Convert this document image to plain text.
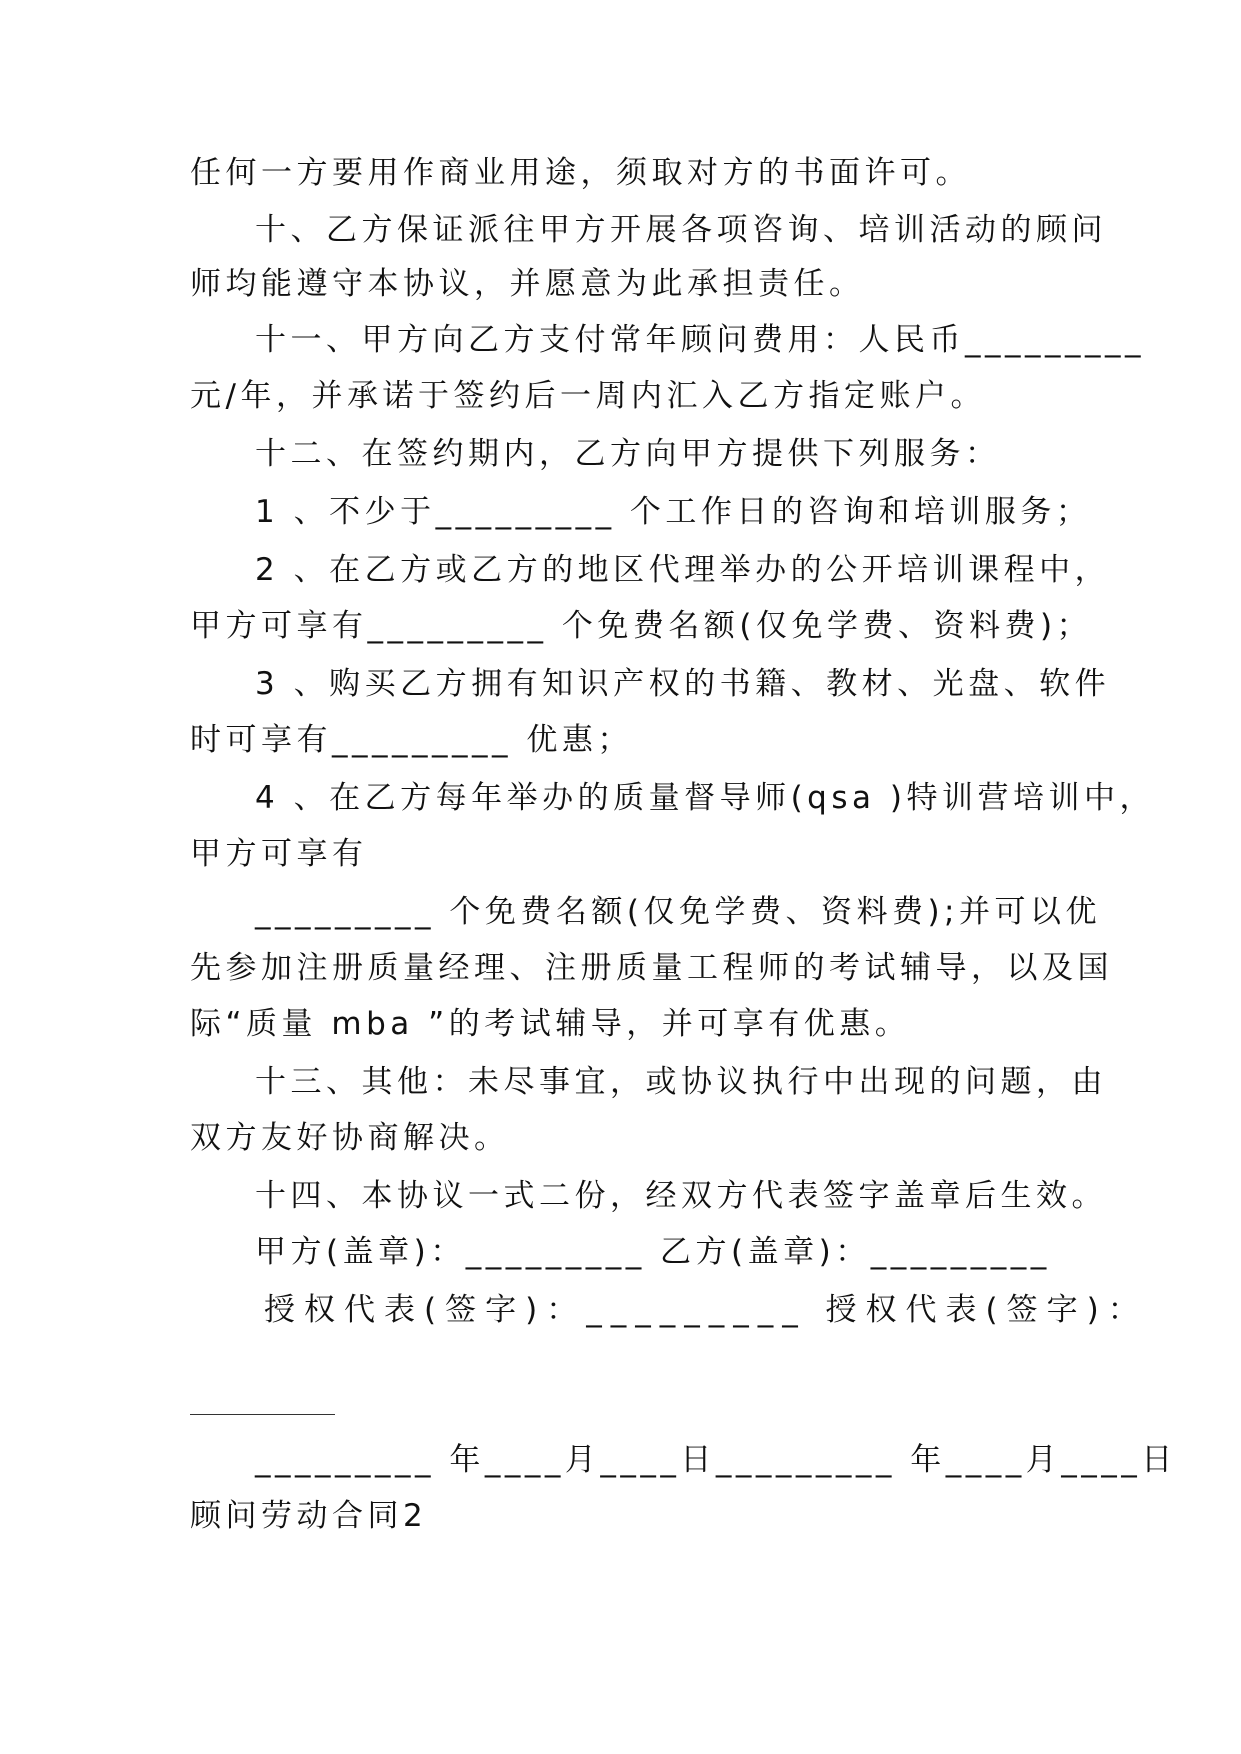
任何一方要用作商业用途，须取对方的书面许可。
十、乙方保证派往甲方开展各项咨询、培训活动的顾问
师均能遵守本协议，并愿意为此承担责任。
十一、甲方向乙方支付常年顾问费用：人民币_________
元/年，并承诺于签约后一周内汇入乙方指定账户。
十二、在签约期内，乙方向甲方提供下列服务：
1 、不少于_________ 个工作日的咨询和培训服务；
2 、在乙方或乙方的地区代理举办的公开培训课程中，
甲方可享有_________ 个免费名额(仅免学费、资料费)；
3 、购买乙方拥有知识产权的书籍、教材、光盘、软件
时可享有_________ 优惠；
4 、在乙方每年举办的质量督导师(qsa )特训营培训中，
甲方可享有
_________ 个免费名额(仅免学费、资料费);并可以优
先参加注册质量经理、注册质量工程师的考试辅导，以及国
际“质量 mba ”的考试辅导，并可享有优惠。
十三、其他：未尽事宜，或协议执行中出现的问题，由
双方友好协商解决。
十四、本协议一式二份，经双方代表签字盖章后生效。
甲方(盖章)：_________ 乙方(盖章)：_________
授权代表(签字)：_________ 授权代表(签字)：
_________ 年____月____日_________ 年____月____日
顾问劳动合同2
